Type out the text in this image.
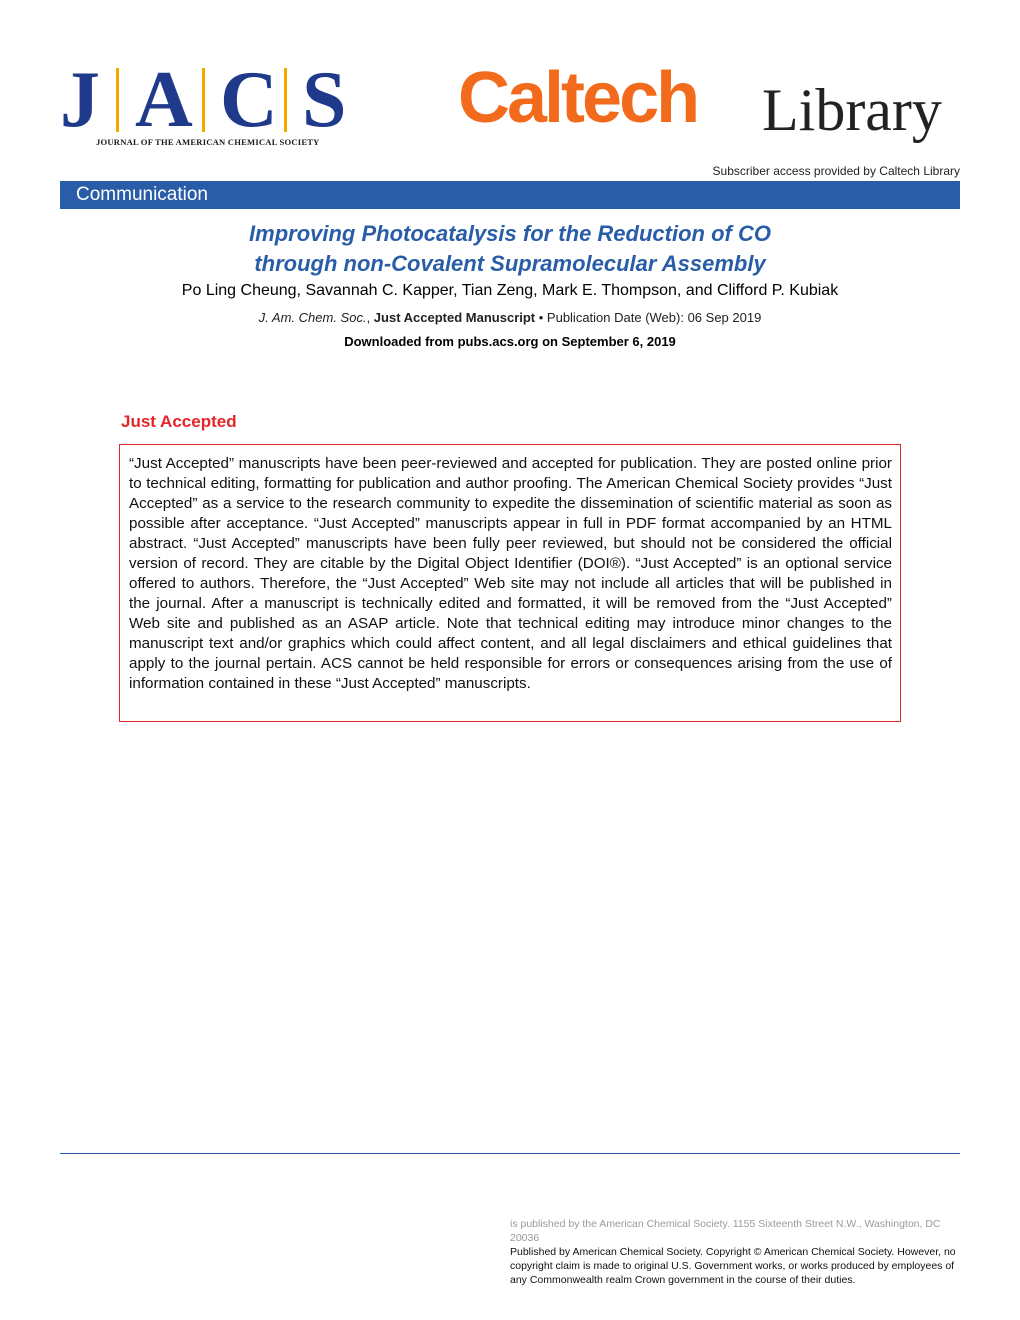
J A C S
JOURNAL OF THE AMERICAN CHEMICAL SOCIETY
Caltech Library
Subscriber access provided by Caltech Library
Communication
Improving Photocatalysis for the Reduction of CO
through non-Covalent Supramolecular Assembly
Po Ling Cheung, Savannah C. Kapper, Tian Zeng, Mark E. Thompson, and Clifford P. Kubiak
J. Am. Chem. Soc., Just Accepted Manuscript • Publication Date (Web): 06 Sep 2019
Downloaded from pubs.acs.org on September 6, 2019
Just Accepted
“Just Accepted” manuscripts have been peer-reviewed and accepted for publication. They are posted online prior to technical editing, formatting for publication and author proofing. The American Chemical Society provides “Just Accepted” as a service to the research community to expedite the dissemination of scientific material as soon as possible after acceptance. “Just Accepted” manuscripts appear in full in PDF format accompanied by an HTML abstract. “Just Accepted” manuscripts have been fully peer reviewed, but should not be considered the official version of record. They are citable by the Digital Object Identifier (DOI®). “Just Accepted” is an optional service offered to authors. Therefore, the “Just Accepted” Web site may not include all articles that will be published in the journal. After a manuscript is technically edited and formatted, it will be removed from the “Just Accepted” Web site and published as an ASAP article. Note that technical editing may introduce minor changes to the manuscript text and/or graphics which could affect content, and all legal disclaimers and ethical guidelines that apply to the journal pertain. ACS cannot be held responsible for errors or consequences arising from the use of information contained in these “Just Accepted” manuscripts.
is published by the American Chemical Society. 1155 Sixteenth Street N.W., Washington, DC 20036
Published by American Chemical Society. Copyright © American Chemical Society. However, no copyright claim is made to original U.S. Government works, or works produced by employees of any Commonwealth realm Crown government in the course of their duties.
